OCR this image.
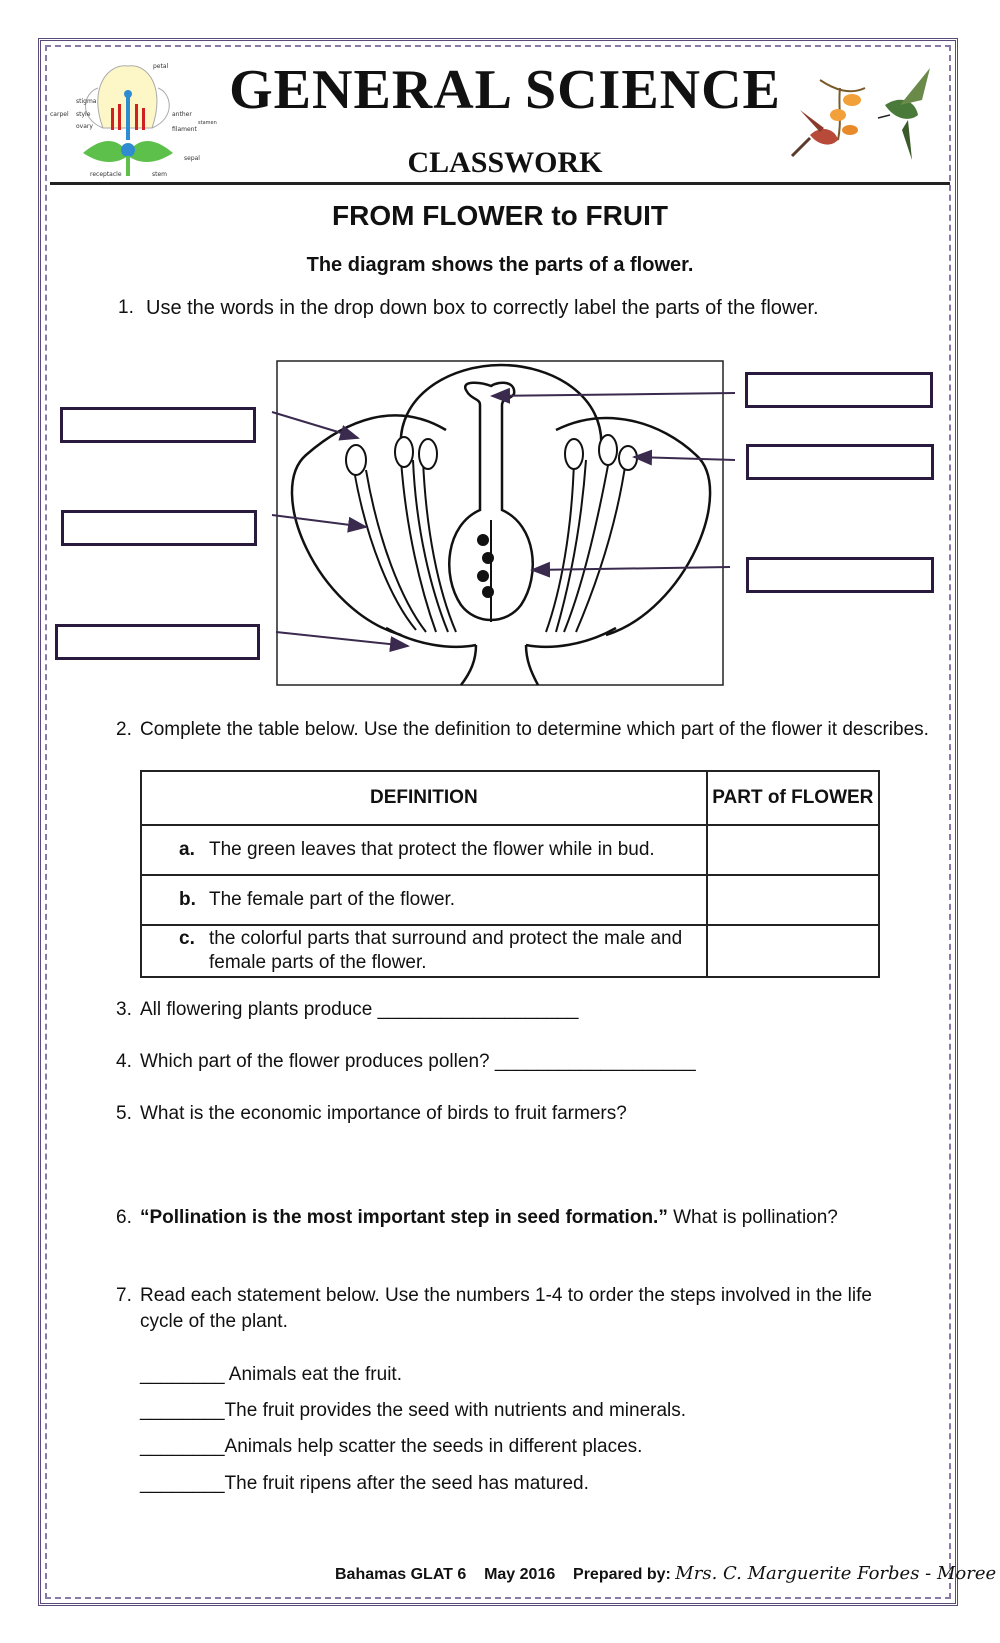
petal
stigma
style
carpel
ovary
anther
filament
stamen
sepal
receptacle	stem
GENERAL SCIENCE
CLASSWORK
FROM FLOWER to FRUIT
The diagram shows the parts of a flower.
1. Use the words in the drop down box to correctly label the parts of the flower.
2. Complete the table below. Use the definition to determine which part of the flower it describes.
DEFINITION	PART of FLOWER

a. The green leaves that protect the flower while in bud.	

b. The female part of the flower.	

c. the colorful parts that surround and protect the male and female parts of the flower.	

3. All flowering plants produce ___________________
4. Which part of the flower produces pollen? ___________________
5. What is the economic importance of birds to fruit farmers?
6. “Pollination is the most important step in seed formation.” What is pollination?
7. Read each statement below. Use the numbers 1-4 to order the steps involved in the life cycle of the plant.
________ Animals eat the fruit.
________The fruit provides the seed with nutrients and minerals.
________Animals help scatter the seeds in different places.
________The fruit ripens after the seed has matured.
Bahamas GLAT 6 May 2016 Prepared by: Mrs. C. Marguerite Forbes - Moree
